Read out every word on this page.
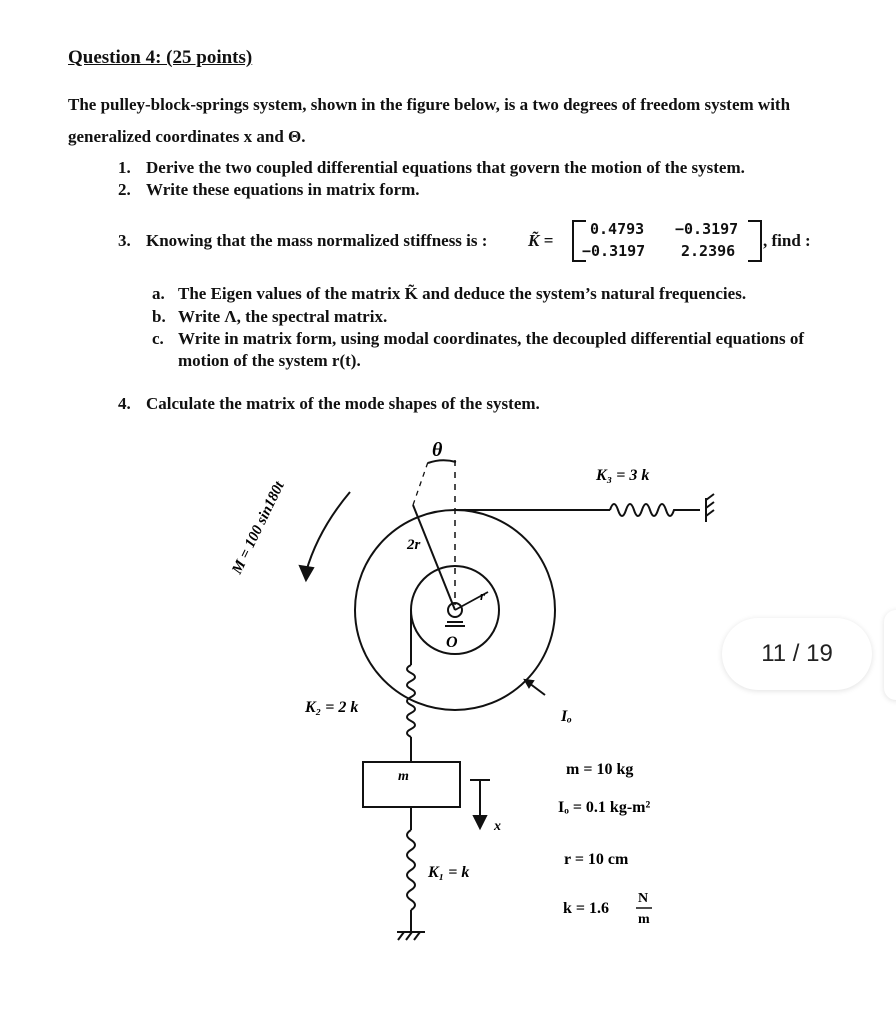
Question 4: (25 points)
The pulley-block-springs system, shown in the figure below, is a two degrees of freedom system with
generalized coordinates x and Θ.
1. Derive the two coupled differential equations that govern the motion of the system.
2. Write these equations in matrix form.
3. Knowing that the mass normalized stiffness is : K̃ =
0.4793 −0.3197
−0.3197 2.2396
, find :
a. The Eigen values of the matrix K̃ and deduce the system’s natural frequencies.
b. Write Λ, the spectral matrix.
c. Write in matrix form, using modal coordinates, the decoupled differential equations of
motion of the system r(t).
4. Calculate the matrix of the mode shapes of the system.
M = 100 sin180t
θ
K₃ = 3 k
2r
r
O
K₂ = 2 k
Iₒ
m
x
K₁ = k
m = 10 kg
Iₒ = 0.1 kg-m²
r = 10 cm
k = 1.6
N
m
11 / 19
